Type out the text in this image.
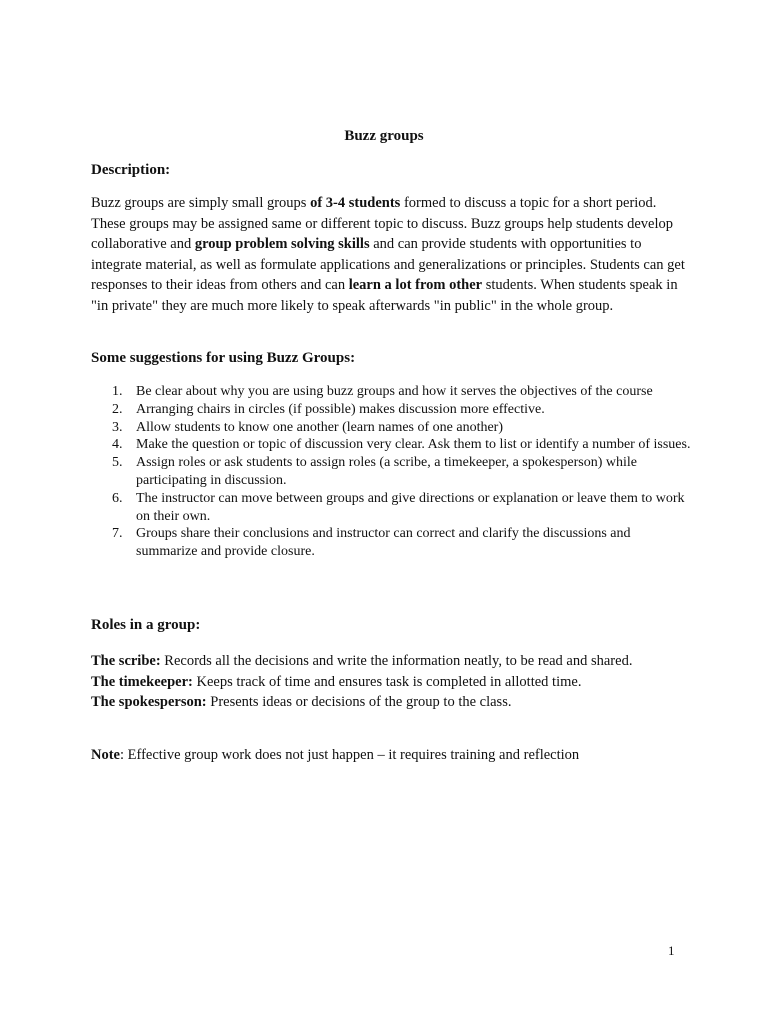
Buzz groups
Description:
Buzz groups are simply small groups of 3-4 students formed to discuss a topic for a short period. These groups may be assigned same or different topic to discuss. Buzz groups help students develop collaborative and group problem solving skills and can provide students with opportunities to integrate material, as well as formulate applications and generalizations or principles. Students can get responses to their ideas from others and can learn a lot from other students. When students speak in "in private" they are much more likely to speak afterwards "in public" in the whole group.
Some suggestions for using Buzz Groups:
1. Be clear about why you are using buzz groups and how it serves the objectives of the course
2. Arranging chairs in circles (if possible) makes discussion more effective.
3. Allow students to know one another (learn names of one another)
4. Make the question or topic of discussion very clear. Ask them to list or identify a number of issues.
5. Assign roles or ask students to assign roles (a scribe, a timekeeper, a spokesperson) while participating in discussion.
6. The instructor can move between groups and give directions or explanation or leave them to work on their own.
7. Groups share their conclusions and instructor can correct and clarify the discussions and summarize and provide closure.
Roles in a group:
The scribe: Records all the decisions and write the information neatly, to be read and shared.
The timekeeper: Keeps track of time and ensures task is completed in allotted time.
The spokesperson: Presents ideas or decisions of the group to the class.
Note: Effective group work does not just happen – it requires training and reflection
1
